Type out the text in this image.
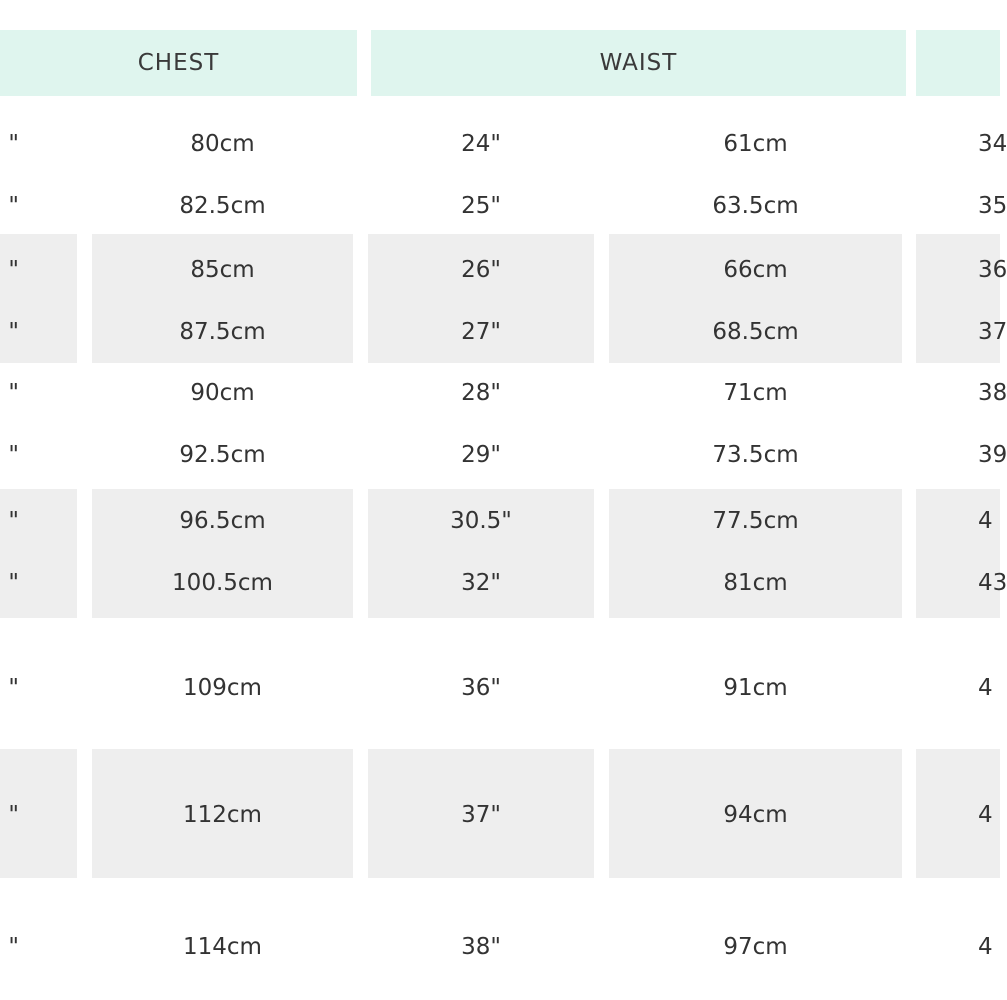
CHEST	WAIST
"	80cm	24"	61cm	34
"	82.5cm	25"	63.5cm	35
"	85cm	26"	66cm	36
"	87.5cm	27"	68.5cm	37
"	90cm	28"	71cm	38
"	92.5cm	29"	73.5cm	39
"	96.5cm	30.5"	77.5cm	4
"	100.5cm	32"	81cm	43
"	109cm	36"	91cm	4
"	112cm	37"	94cm	4
"	114cm	38"	97cm	4
